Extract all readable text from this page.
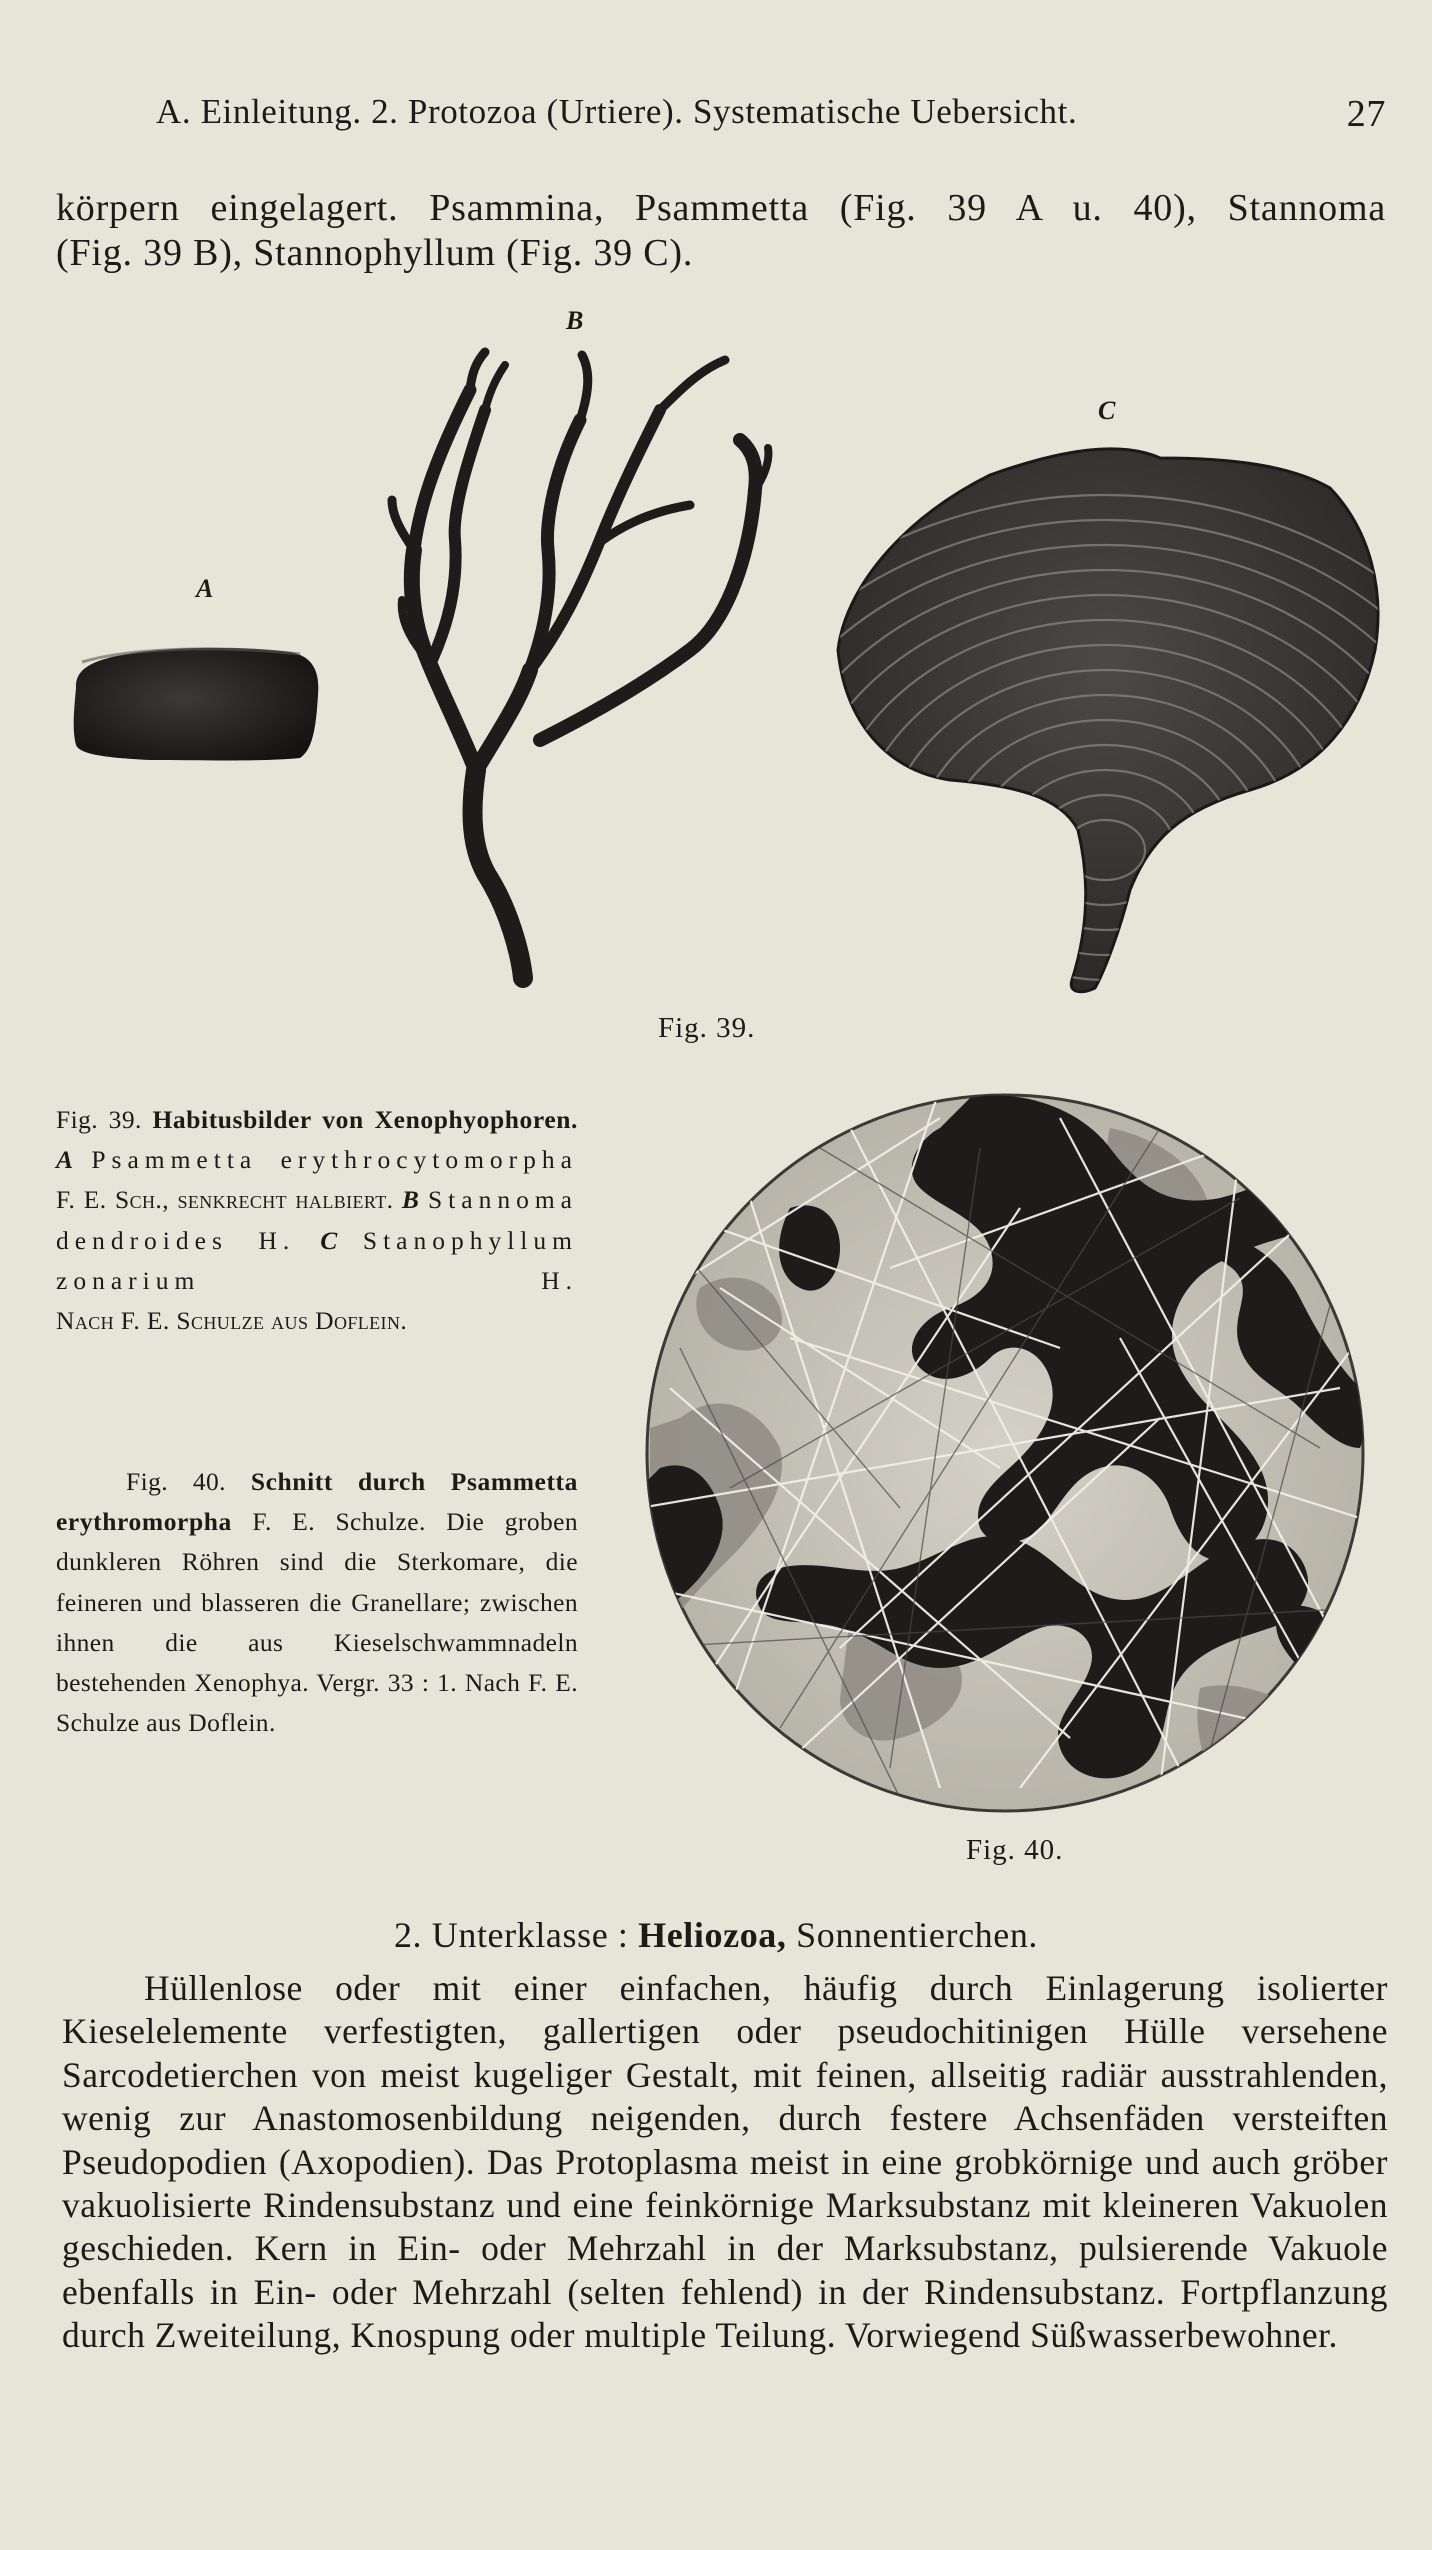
A. Einleitung. 2. Protozoa (Urtiere). Systematische Uebersicht.	27

körpern eingelagert. Psammina, Psammetta (Fig. 39 A u. 40), Stannoma

(Fig. 39 B), Stannophyllum (Fig. 39 C).

B
C
A
Fig. 39.
Fig. 39. Habitusbilder von Xenophyophoren. A Psammetta erythrocytomorpha F. E. Sch., senkrecht halbiert. B Stannoma dendroides H. C Stanophyllum zonarium H.
Nach F. E. Schulze aus Doflein.
Fig. 40. Schnitt durch Psammetta erythromorpha F. E. Schulze. Die groben dunkleren Röhren sind die Sterkomare, die feineren und blasseren die Granellare; zwischen ihnen die aus Kieselschwammnadeln bestehenden Xenophya. Vergr. 33 : 1. Nach F. E. Schulze aus Doflein.
Fig. 40.
2. Unterklasse : Heliozoa, Sonnentierchen.

Hüllenlose oder mit einer einfachen, häufig durch Einlagerung isolierter Kieselelemente verfestigten, gallertigen oder pseudochitinigen Hülle versehene Sarcodetierchen von meist kugeliger Gestalt, mit feinen, allseitig radiär ausstrahlenden, wenig zur Anastomosenbildung neigenden, durch festere Achsenfäden versteiften Pseudopodien (Axopodien). Das Protoplasma meist in eine grobkörnige und auch gröber vakuolisierte Rindensubstanz und eine feinkörnige Marksubstanz mit kleineren Vakuolen geschieden. Kern in Ein- oder Mehrzahl in der Marksubstanz, pulsierende Vakuole ebenfalls in Ein- oder Mehrzahl (selten fehlend) in der Rindensubstanz. Fortpflanzung durch Zweiteilung, Knospung oder multiple Teilung. Vorwiegend Süßwasserbewohner.
